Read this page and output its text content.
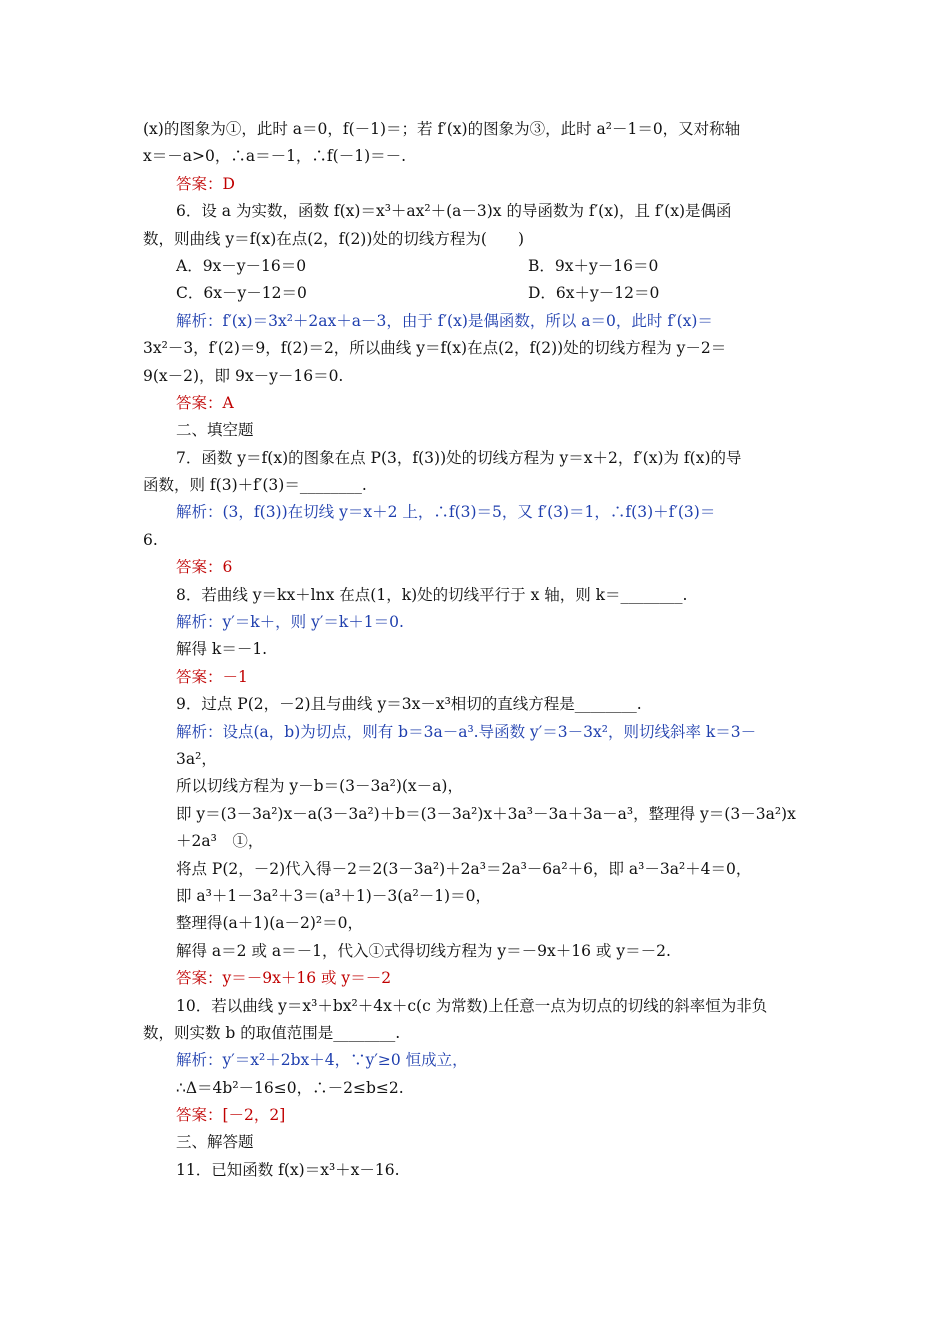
(x)的图象为①，此时 a＝0，f(－1)＝；若 f′(x)的图象为③，此时 a²－1＝0，又对称轴
x＝－a>0，∴a＝－1，∴f(－1)＝－.
答案：D
6．设 a 为实数，函数 f(x)＝x³＋ax²＋(a－3)x 的导函数为 f′(x)，且 f′(x)是偶函
数，则曲线 y＝f(x)在点(2，f(2))处的切线方程为(　　)
A．9x－y－16＝0	B．9x＋y－16＝0
C．6x－y－12＝0	D．6x＋y－12＝0
解析：f′(x)＝3x²＋2ax＋a－3，由于 f′(x)是偶函数，所以 a＝0，此时 f′(x)＝
3x²－3，f′(2)＝9，f(2)＝2，所以曲线 y＝f(x)在点(2，f(2))处的切线方程为 y－2＝
9(x－2)，即 9x－y－16＝0.
答案：A
二、填空题
7．函数 y＝f(x)的图象在点 P(3，f(3))处的切线方程为 y＝x＋2，f′(x)为 f(x)的导
函数，则 f(3)＋f′(3)＝________.
解析：(3，f(3))在切线 y＝x＋2 上，∴f(3)＝5，又 f′(3)＝1，∴f(3)＋f′(3)＝
6.
答案：6
8．若曲线 y＝kx＋lnx 在点(1，k)处的切线平行于 x 轴，则 k＝________.
解析：y′＝k＋，则 y′＝k＋1＝0.
解得 k＝－1.
答案：－1
9．过点 P(2，－2)且与曲线 y＝3x－x³相切的直线方程是________.
解析：设点(a，b)为切点，则有 b＝3a－a³.导函数 y′＝3－3x²，则切线斜率 k＝3－
3a²，
所以切线方程为 y－b＝(3－3a²)(x－a)，
即 y＝(3－3a²)x－a(3－3a²)＋b＝(3－3a²)x＋3a³－3a＋3a－a³，整理得 y＝(3－3a²)x
＋2a³　①，
将点 P(2，－2)代入得－2＝2(3－3a²)＋2a³＝2a³－6a²＋6，即 a³－3a²＋4＝0，
即 a³＋1－3a²＋3＝(a³＋1)－3(a²－1)＝0，
整理得(a＋1)(a－2)²＝0，
解得 a＝2 或 a＝－1，代入①式得切线方程为 y＝－9x＋16 或 y＝－2.
答案：y＝－9x＋16 或 y＝－2
10．若以曲线 y＝x³＋bx²＋4x＋c(c 为常数)上任意一点为切点的切线的斜率恒为非负
数，则实数 b 的取值范围是________.
解析：y′＝x²＋2bx＋4，∵y′≥0 恒成立，
∴Δ＝4b²－16≤0，∴－2≤b≤2.
答案：[－2，2]
三、解答题
11．已知函数 f(x)＝x³＋x－16.
